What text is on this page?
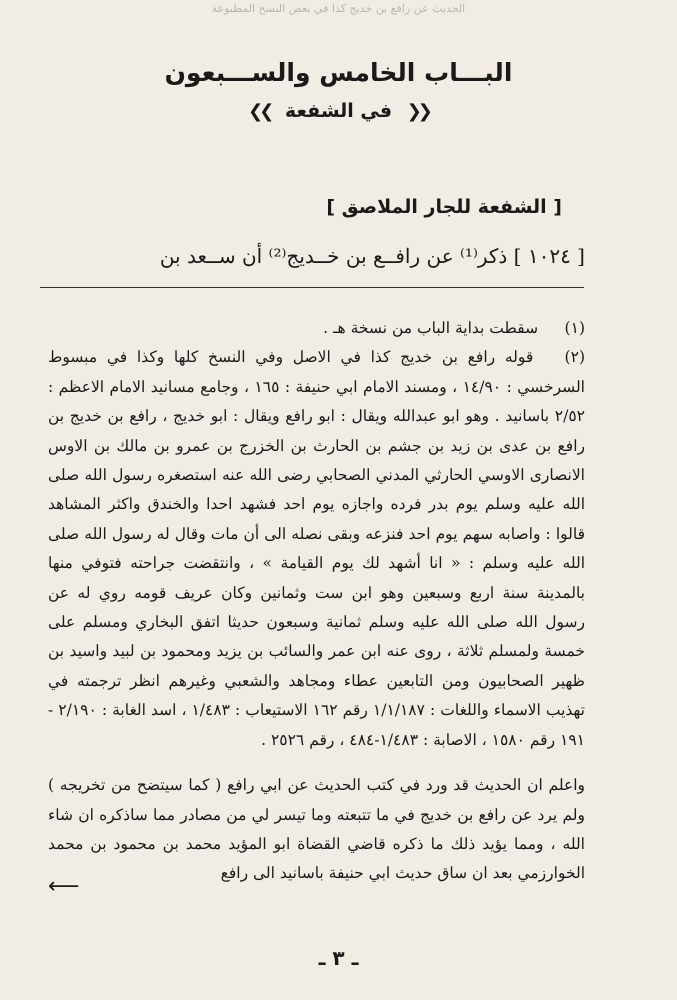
الحديث عن رافع بن خديج كذا في بعض النسخ المطبوعة
البـــاب الخامس والســـبعون
❮❮ في الشفعة ❯❯
[ الشفعة للجار الملاصق ]
[ ١٠٢٤ ] ذكر⁽¹⁾ عن رافــع بن خــديج⁽²⁾ أن ســعد بن

(١) سقطت بداية الباب من نسخة هـ .

(٢) قوله رافع بن خديج كذا في الاصل وفي النسخ كلها وكذا في مبسوط السرخسي : ١٤/٩٠ ، ومسند الامام ابي حنيفة : ١٦٥ ، وجامع مسانيد الامام الاعظم : ٢/٥٢ باسانيد . وهو ابو عبدالله ويقال : ابو رافع ويقال : ابو خديج ، رافع بن خديج بن رافع بن عدى بن زيد بن جشم بن الحارث بن الخزرج بن عمرو بن مالك بن الاوس الانصارى الاوسي الحارثي المدني الصحابي رضى الله عنه استصغره رسول الله صلى الله عليه وسلم يوم بدر فرده واجازه يوم احد فشهد احدا والخندق واكثر المشاهد قالوا : واصابه سهم يوم احد فنزعه وبقى نصله الى أن مات وقال له رسول الله صلى الله عليه وسلم : « انا أشهد لك يوم القيامة » ، وانتقضت جراحته فتوفي منها بالمدينة سنة اربع وسبعين وهو ابن ست وثمانين وكان عريف قومه روي له عن رسول الله صلى الله عليه وسلم ثمانية وسبعون حديثا اتفق البخاري ومسلم على خمسة ولمسلم ثلاثة ، روى عنه ابن عمر والسائب بن يزيد ومحمود بن لبيد واسيد بن ظهير الصحابيون ومن التابعين عطاء ومجاهد والشعبي وغيرهم انظر ترجمته في تهذيب الاسماء واللغات : ١/١/١٨٧ رقم ١٦٢ الاستيعاب : ١/٤٨٣ ، اسد الغابة : ٢/١٩٠ - ١٩١ رقم ١٥٨٠ ، الاصابة : ١/٤٨٣-٤٨٤ ، رقم ٢٥٢٦ .

واعلم ان الحديث قد ورد في كتب الحديث عن ابي رافع ( كما سيتضح من تخريجه ) ولم يرد عن رافع بن خديج في ما تتبعته وما تيسر لي من مصادر مما ساذكره ان شاء الله ، ومما يؤيد ذلك ما ذكره قاضي القضاة ابو المؤيد محمد بن محمود بن محمد الخوارزمي بعد ان ساق حديث ابي حنيفة باسانيد الى رافع

⟵
ـ ٣ ـ
